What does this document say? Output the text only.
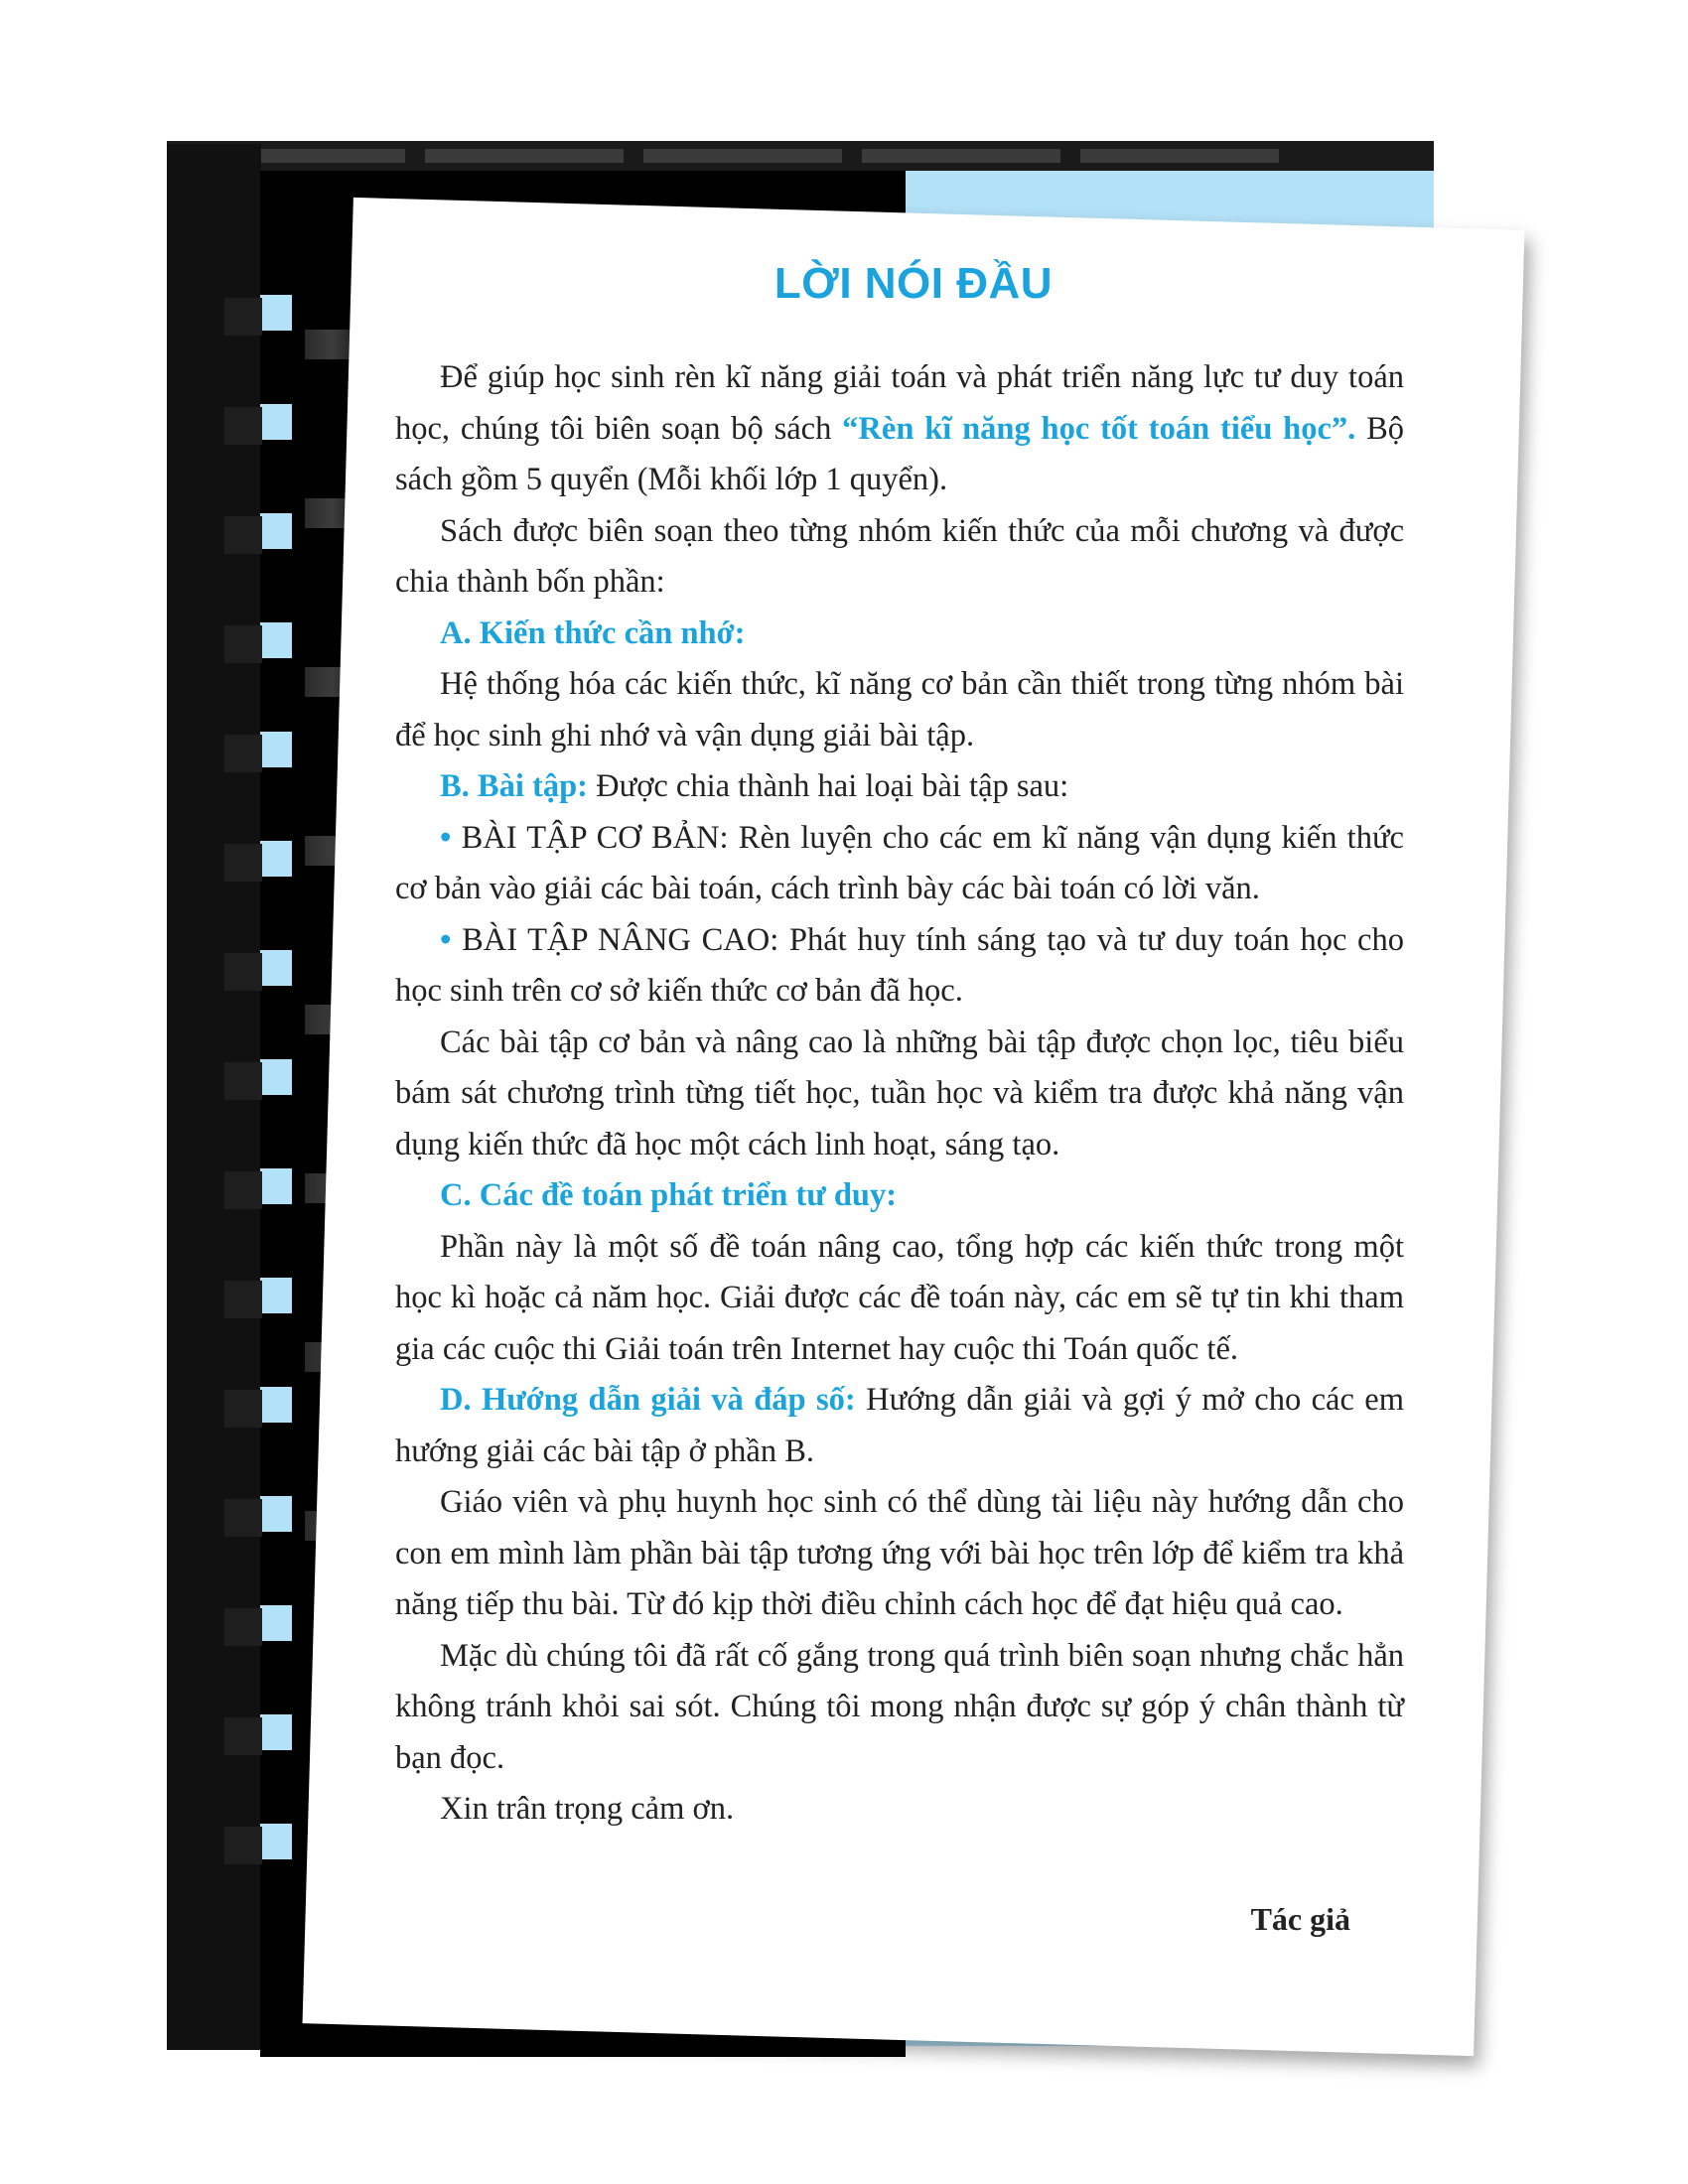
LỜI NÓI ĐẦU

Để giúp học sinh rèn kĩ năng giải toán và phát triển năng lực tư duy toán học, chúng tôi biên soạn bộ sách “Rèn kĩ năng học tốt toán tiểu học”. Bộ sách gồm 5 quyển (Mỗi khối lớp 1 quyển).

Sách được biên soạn theo từng nhóm kiến thức của mỗi chương và được chia thành bốn phần:

A. Kiến thức cần nhớ:

Hệ thống hóa các kiến thức, kĩ năng cơ bản cần thiết trong từng nhóm bài để học sinh ghi nhớ và vận dụng giải bài tập.

B. Bài tập: Được chia thành hai loại bài tập sau:

• BÀI TẬP CƠ BẢN: Rèn luyện cho các em kĩ năng vận dụng kiến thức cơ bản vào giải các bài toán, cách trình bày các bài toán có lời văn.

• BÀI TẬP NÂNG CAO: Phát huy tính sáng tạo và tư duy toán học cho học sinh trên cơ sở kiến thức cơ bản đã học.

Các bài tập cơ bản và nâng cao là những bài tập được chọn lọc, tiêu biểu bám sát chương trình từng tiết học, tuần học và kiểm tra được khả năng vận dụng kiến thức đã học một cách linh hoạt, sáng tạo.

C. Các đề toán phát triển tư duy:

Phần này là một số đề toán nâng cao, tổng hợp các kiến thức trong một học kì hoặc cả năm học. Giải được các đề toán này, các em sẽ tự tin khi tham gia các cuộc thi Giải toán trên Internet hay cuộc thi Toán quốc tế.

D. Hướng dẫn giải và đáp số: Hướng dẫn giải và gợi ý mở cho các em hướng giải các bài tập ở phần B.

Giáo viên và phụ huynh học sinh có thể dùng tài liệu này hướng dẫn cho con em mình làm phần bài tập tương ứng với bài học trên lớp để kiểm tra khả năng tiếp thu bài. Từ đó kịp thời điều chỉnh cách học để đạt hiệu quả cao.

Mặc dù chúng tôi đã rất cố gắng trong quá trình biên soạn nhưng chắc hẳn không tránh khỏi sai sót. Chúng tôi mong nhận được sự góp ý chân thành từ bạn đọc.

Xin trân trọng cảm ơn.

Tác giả
